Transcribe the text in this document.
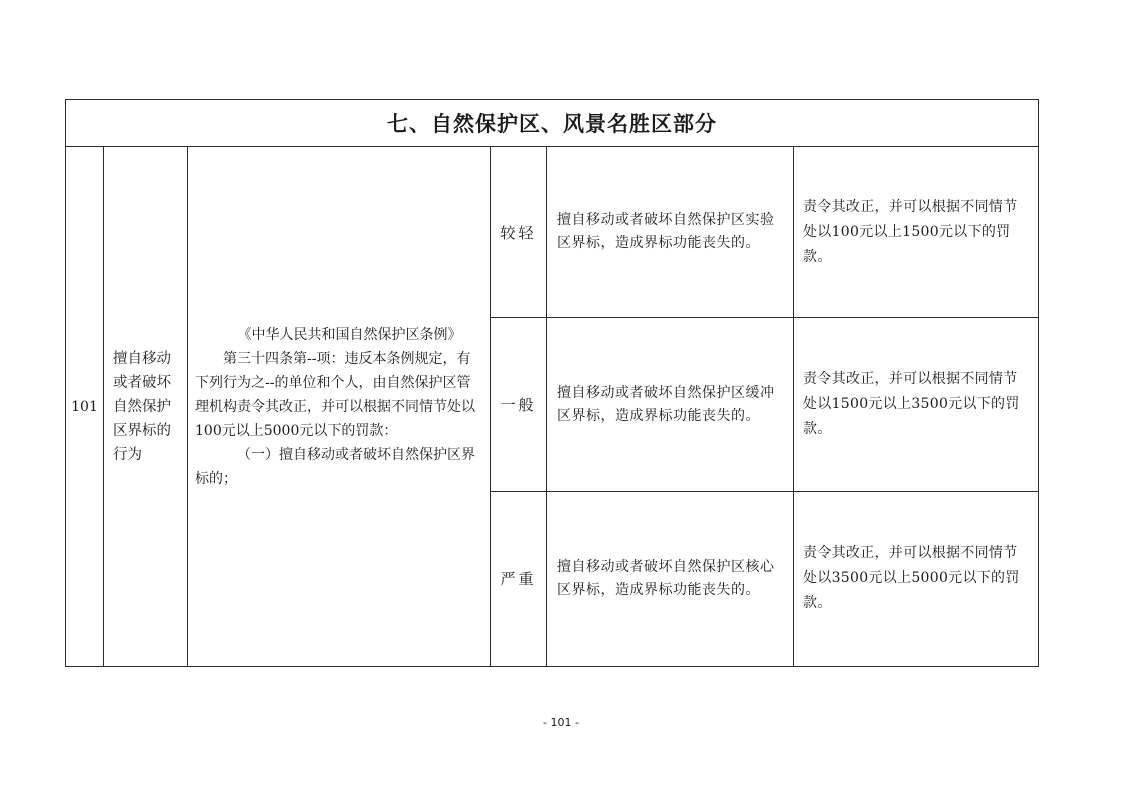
七、自然保护区、风景名胜区部分					
101	擅自移动或者破坏自然保护区界标的行为	《中华人民共和国自然保护区条例》

第三十四条第--项：违反本条例规定，有下列行为之--的单位和个人，由自然保护区管理机构责令其改正，并可以根据不同情节处以100元以上5000元以下的罚款：

（一）擅自移动或者破坏自然保护区界标的；	较轻	擅自移动或者破坏自然保护区实验区界标，造成界标功能丧失的。	责令其改正，并可以根据不同情节处以100元以上1500元以下的罚款。
			一般	擅自移动或者破坏自然保护区缓冲区界标，造成界标功能丧失的。	责令其改正，并可以根据不同情节处以1500元以上3500元以下的罚款。
			严重	擅自移动或者破坏自然保护区核心区界标，造成界标功能丧失的。	责令其改正，并可以根据不同情节处以3500元以上5000元以下的罚款。
- 101 -
